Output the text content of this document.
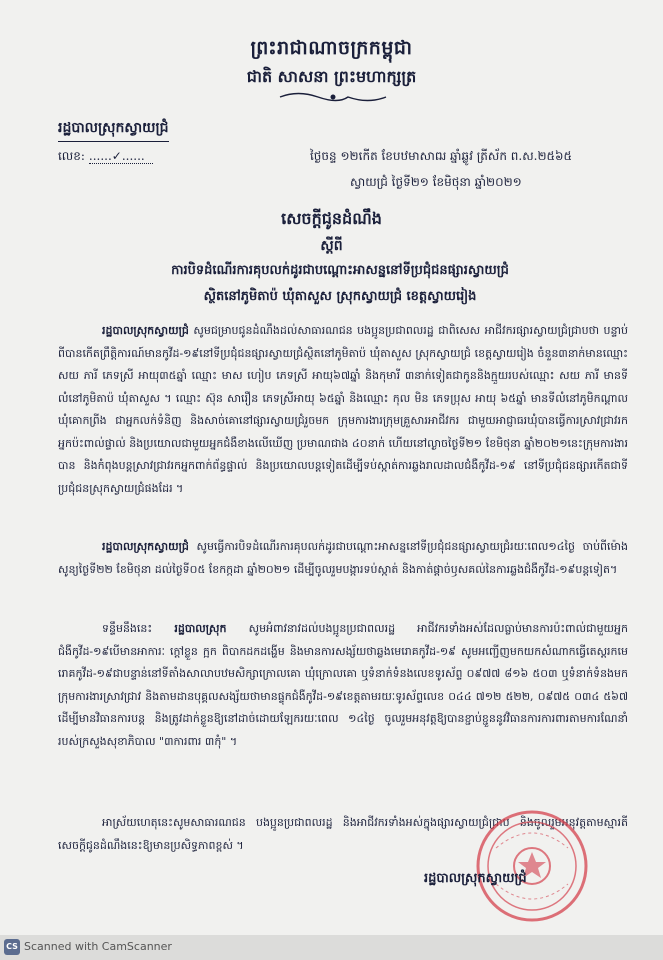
ព្រះរាជាណាចក្រកម្ពុជា
ជាតិ សាសនា ព្រះមហាក្សត្រ
រដ្ឋបាលស្រុកស្វាយជ្រំ
លេខ: ......✓......	ថ្ងៃចន្ទ ១២កើត ខែបឋមាសាឍ ឆ្នាំឆ្លូវ ត្រីស័ក ព.ស.២៥៦៥
ស្វាយជ្រំ ថ្ងៃទី២១ ខែមិថុនា ឆ្នាំ២០២១
សេចក្តីជូនដំណឹង
ស្តីពី
ការបិទដំណើរការគុបលក់ដូរជាបណ្តោះអាសន្ននៅទីប្រជុំជនផ្សារស្វាយជ្រំ
ស្ថិតនៅភូមិតាប៉ ឃុំតាសួស ស្រុកស្វាយជ្រំ ខេត្តស្វាយរៀង
រដ្ឋបាលស្រុកស្វាយជ្រំ សូមជម្រាបជូនដំណឹងដល់សាធារណជន បងប្អូនប្រជាពលរដ្ឋ ជាពិសេស អាជីវករផ្សារស្វាយជ្រំជ្រាបថា បន្ទាប់ពីបានកើតព្រឹត្តិការណ៍មានកូវីដ-១៩នៅទីប្រជុំជនផ្សារស្វាយជ្រំស្ថិតនៅភូមិតាប៉ ឃុំតាសួស ស្រុកស្វាយជ្រំ ខេត្តស្វាយរៀង ចំនួន៣នាក់មានឈ្មោះ សយ ភារី ភេទស្រី អាយុ៣៥ឆ្នាំ ឈ្មោះ មាស ហៀប ភេទស្រី អាយុ៦៧ឆ្នាំ និងកុមារី ៣នាក់ទៀតជាកូននិងក្មួយរបស់ឈ្មោះ សយ ភារី មានទីលំនៅភូមិតាប៉ ឃុំតាសួស ។ ឈ្មោះ ស៊ុន សារឿន ភេទស្រីអាយុ ៦៥ឆ្នាំ និងឈ្មោះ កុល មិន ភេទប្រុស អាយុ ៦៥ឆ្នាំ មានទីលំនៅភូមិកណ្តាល ឃុំគោកព្រីង ជាអ្នកលក់ទំនិញ និងសាច់គោនៅផ្សារស្វាយជ្រំរួចមក ក្រុមការងារក្រុមគ្រួសារអាជីវករ ជាមួយអាជ្ញាធរឃុំបានធ្វើការស្រាវជ្រាវរកអ្នកប៉ះពាល់ផ្ទាល់ និងប្រយោលជាមួយអ្នកជំងឺខាងលើឃើញ ប្រមាណជាង ៤០នាក់ ហើយនៅល្ងាចថ្ងៃទី២១ ខែមិថុនា ឆ្នាំ២០២១នេះក្រុមការងារបាន និងកំពុងបន្តស្រាវជ្រាវរកអ្នកពាក់ព័ន្ធផ្ទាល់ និងប្រយោលបន្តទៀតដើម្បីទប់ស្កាត់ការឆ្លងរាលដាលជំងឺកូវីដ-១៩ នៅទីប្រជុំជនផ្សារកើតជាទីប្រជុំជនស្រុកស្វាយជ្រំផងដែរ ។
រដ្ឋបាលស្រុកស្វាយជ្រំ សូមធ្វើការបិទដំណើរការគុបលក់ដូរជាបណ្តោះអាសន្ននៅទីប្រជុំជនផ្សារស្វាយជ្រំរយៈពេល១៤ថ្ងៃ ចាប់ពីម៉ោងសូន្យថ្ងៃទី២២ ខែមិថុនា ដល់ថ្ងៃទី០៥ ខែកក្កដា ឆ្នាំ២០២១ ដើម្បីចូលរួមបង្ការទប់ស្កាត់ និងកាត់ផ្តាច់ឫសគល់នៃការឆ្លងជំងឺកូវីដ-១៩បន្តទៀត។
ទន្ទឹមនឹងនេះ រដ្ឋបាលស្រុក សូមអំពាវនាវដល់បងប្អូនប្រជាពលរដ្ឋ អាជីវករទាំងអស់ដែលធ្លាប់មានការប៉ះពាល់ជាមួយអ្នកជំងឺកូវីដ-១៩បើមានអាការៈ ក្តៅខ្លួន ក្អក ពិបាកដកដង្ហើម និងមានការសង្ស័យថាឆ្លងមេរោគកូវីដ-១៩ សូមអញ្ជើញមកយកសំណាកធ្វើតេស្តរកមេរោគកូវីដ-១៩ជាបន្ទាន់នៅទីតាំងសាលាបឋមសិក្សាក្រោលគោ ឃុំក្រោលគោ ឬទំនាក់ទំនងលេខទូរស័ព្ទ ០៩៧៧ ៨១៦ ៥០៣ ឬទំនាក់ទំនងមកក្រុមការងារស្រាវជ្រាវ និងតាមដានបុគ្គលសង្ស័យថាមានផ្ទុកជំងឺកូវីដ-១៩ខេត្តតាមរយៈទូរស័ព្ទលេខ ០៤៤ ៧១២ ៥២២, ០៩៧៥ ០៣៤ ៥៦៧ ដើម្បីមានវិធានការបន្ត និងត្រូវដាក់ខ្លួនឱ្យនៅដាច់ដោយឡែករយៈពេល ១៤ថ្ងៃ ចូលរួមអនុវត្តឱ្យបានខ្ជាប់ខ្ជួននូវវិធានការការពារតាមការណែនាំរបស់ក្រសួងសុខាភិបាល "៣ការពារ ៣កុំ" ។
អាស្រ័យហេតុនេះសូមសាធារណជន បងប្អូនប្រជាពលរដ្ឋ និងអាជីវករទាំងអស់ក្នុងផ្សារស្វាយជ្រំជ្រាប និងចូលរួមអនុវត្តតាមស្មារតីសេចក្តីជូនដំណឹងនេះឱ្យមានប្រសិទ្ធភាពខ្ពស់ ។
រដ្ឋបាលស្រុកស្វាយជ្រំ
CS Scanned with CamScanner
